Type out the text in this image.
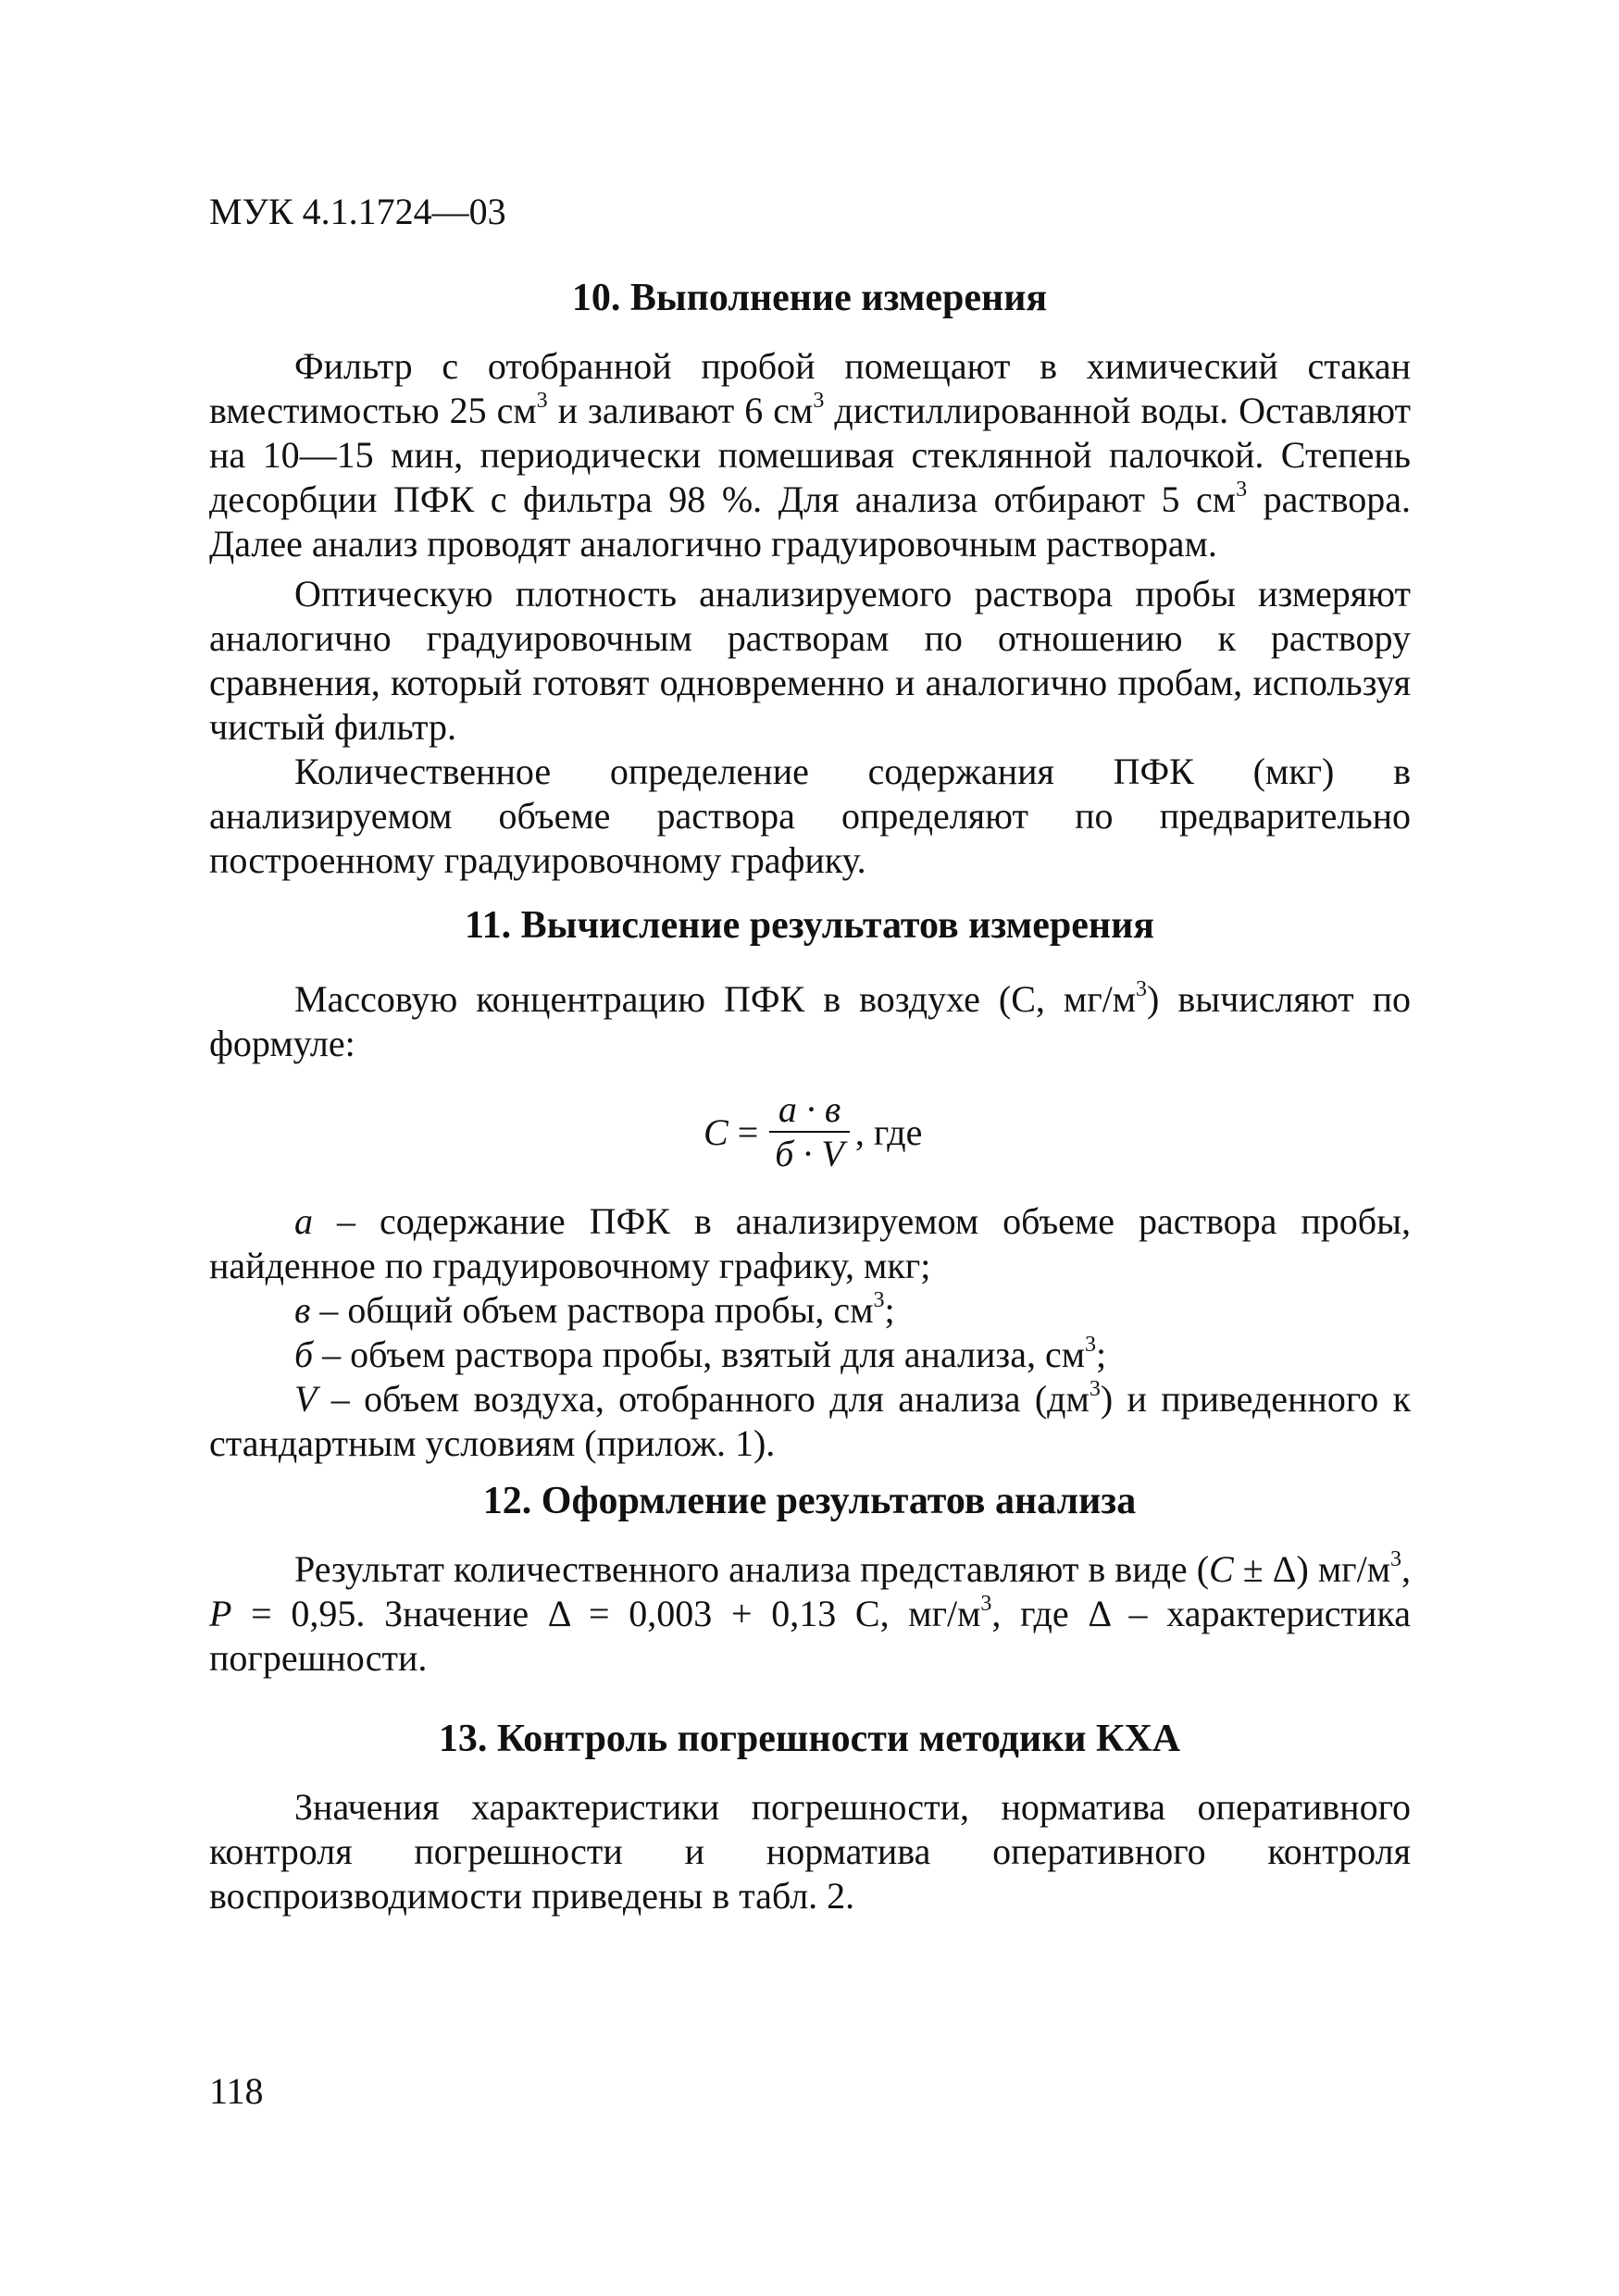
МУК 4.1.1724—03
10. Выполнение измерения

Фильтр с отобранной пробой помещают в химический стакан вместимостью 25 $см^3$ и заливают 6 $см^3$ дистиллированной воды. Оставляют на 10—15 мин, периодически помешивая стеклянной палочкой. Степень десорбции ПФК с фильтра 98 %. Для анализа отбирают 5 $см^3$ раствора. Далее анализ проводят аналогично градуировочным растворам.

Оптическую плотность анализируемого раствора пробы измеряют аналогично градуировочным растворам по отношению к раствору сравнения, который готовят одновременно и аналогично пробам, используя чистый фильтр.

Количественное определение содержания ПФК (мкг) в анализируемом объеме раствора определяют по предварительно построенному градуировочному графику.

11. Вычисление результатов измерения

Массовую концентрацию ПФК в воздухе (С, $мг/м^3$) вычисляют по формуле:

$C = \frac{а \cdot в}{б \cdot V}$ , где

а – содержание ПФК в анализируемом объеме раствора пробы, найденное по градуировочному графику, мкг;

в – общий объем раствора пробы, $см^3$;

б – объем раствора пробы, взятый для анализа, $см^3$;

V – объем воздуха, отобранного для анализа $(дм^3)$ и приведенного к стандартным условиям (прилож. 1).

12. Оформление результатов анализа

Результат количественного анализа представляют в виде (С ± Δ) $мг/м^3$, Р = 0,95. Значение Δ = 0,003 + 0,13 С, $мг/м^3$, где Δ – характеристика погрешности.

13. Контроль погрешности методики КХА

Значения характеристики погрешности, норматива оперативного контроля погрешности и норматива оперативного контроля воспроизводимости приведены в табл. 2.

118
